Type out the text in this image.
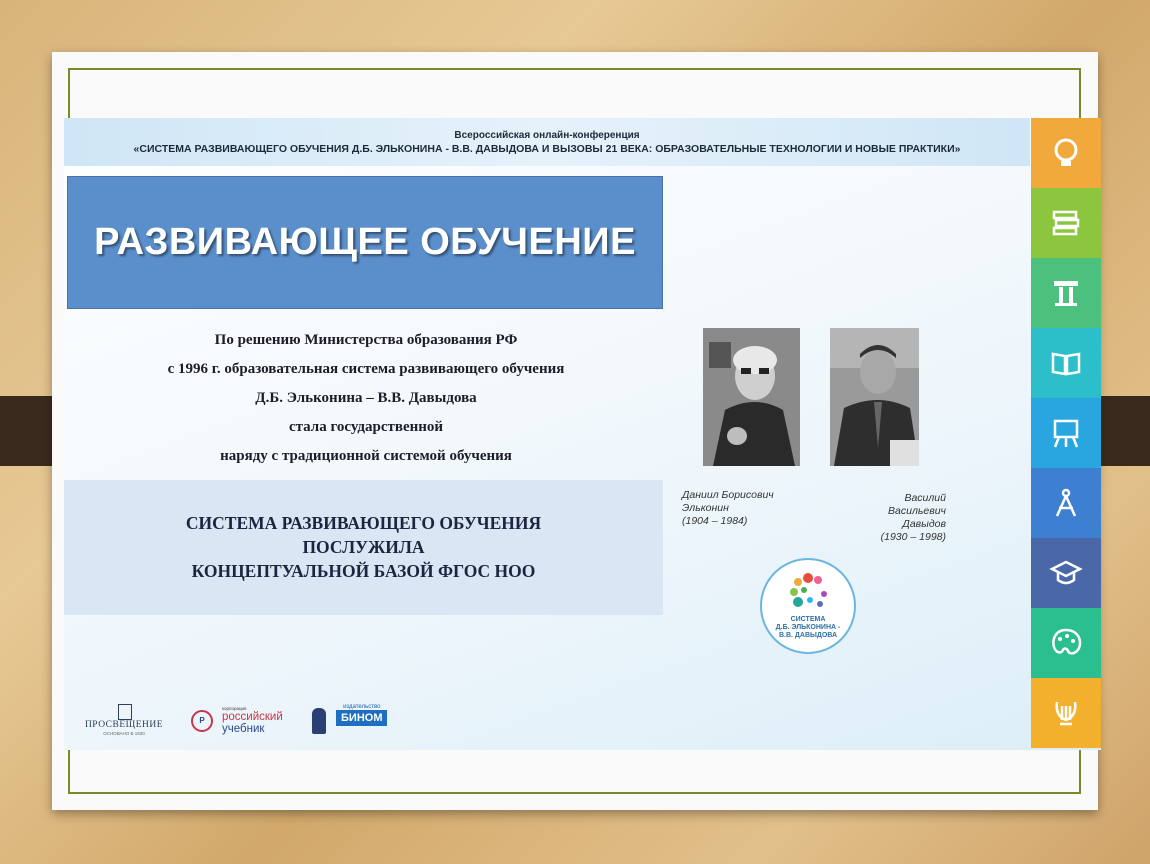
Всероссийская онлайн-конференция
«СИСТЕМА РАЗВИВАЮЩЕГО ОБУЧЕНИЯ Д.Б. ЭЛЬКОНИНА - В.В. ДАВЫДОВА И ВЫЗОВЫ 21 ВЕКА: ОБРАЗОВАТЕЛЬНЫЕ ТЕХНОЛОГИИ И НОВЫЕ ПРАКТИКИ»
РАЗВИВАЮЩЕЕ ОБУЧЕНИЕ
По решению Министерства образования РФ
с 1996 г. образовательная система развивающего обучения
Д.Б. Эльконина – В.В. Давыдова
стала государственной
наряду с традиционной системой обучения
СИСТЕМА РАЗВИВАЮЩЕГО ОБУЧЕНИЯ
ПОСЛУЖИЛА
КОНЦЕПТУАЛЬНОЙ БАЗОЙ ФГОС НОО
Даниил Борисович
Эльконин
(1904 – 1984)
Василий Васильевич
Давыдов
(1930 – 1998)
СИСТЕМА
Д.Б. ЭЛЬКОНИНА -
В.В. ДАВЫДОВА
ПРОСВЕЩЕНИЕ
ОСНОВАНО В 1930
Р
корпорация
российский
учебник
издательство
БИНОМ
